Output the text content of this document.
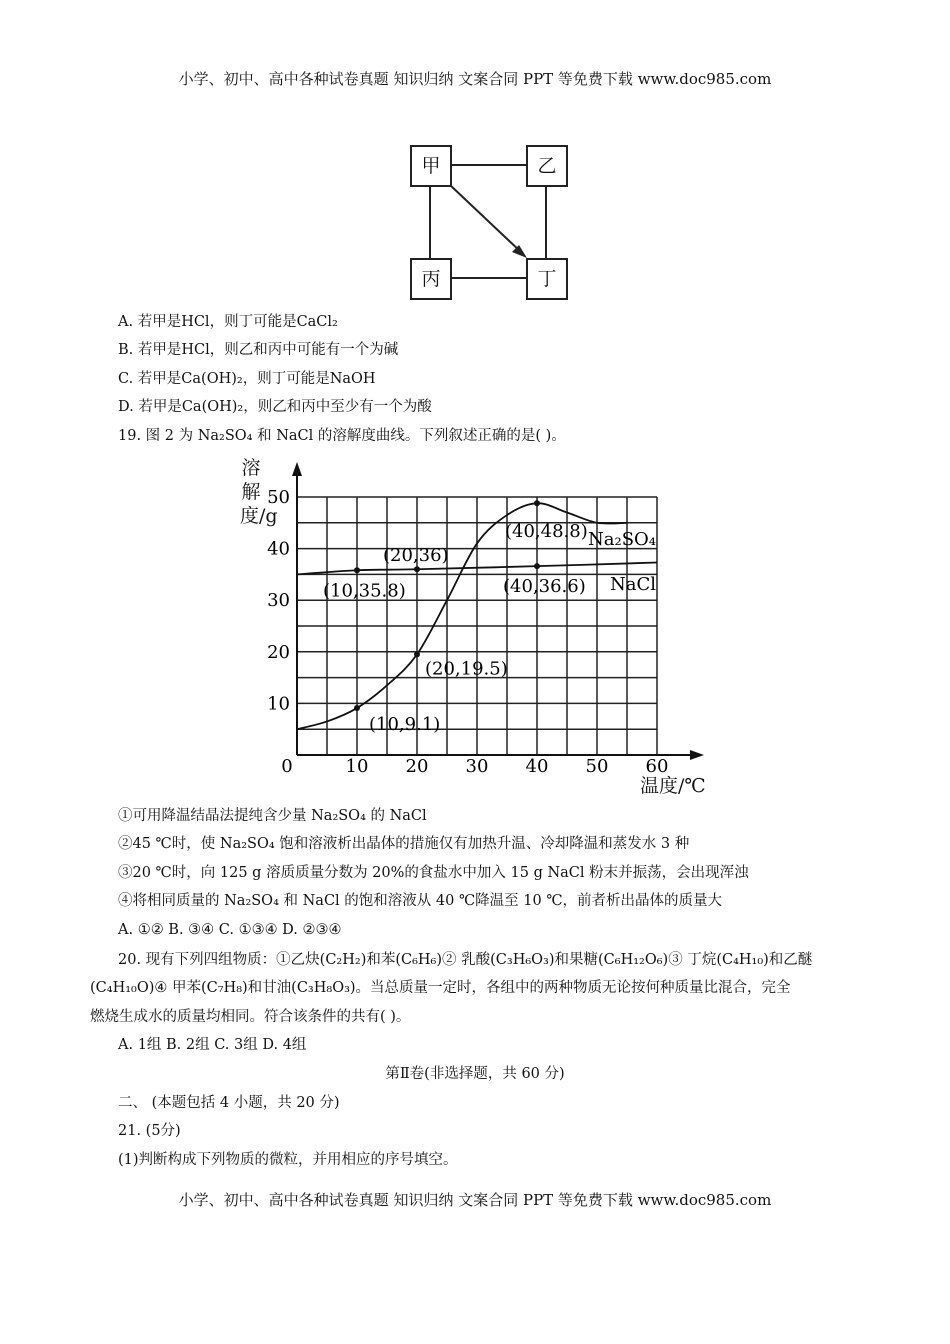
小学、初中、高中各种试卷真题 知识归纳 文案合同 PPT 等免费下载 www.doc985.com
甲	乙
丙	丁
A. 若甲是HCl，则丁可能是CaCl₂
B. 若甲是HCl，则乙和丙中可能有一个为碱
C. 若甲是Ca(OH)₂，则丁可能是NaOH
D. 若甲是Ca(OH)₂，则乙和丙中至少有一个为酸
19. 图 2 为 Na₂SO₄ 和 NaCl 的溶解度曲线。下列叙述正确的是( )。
0	10 20 30 40 50 60
10
20
30
40
50
Na₂SO₄
NaCl
(10,9.1)
(20,19.5)
(10,35.8)
(20,36)
(40,36.6)
(40,48.8)
溶解度/g
温度/℃
①可用降温结晶法提纯含少量 Na₂SO₄ 的 NaCl
②45 ℃时，使 Na₂SO₄ 饱和溶液析出晶体的措施仅有加热升温、冷却降温和蒸发水 3 种
③20 ℃时，向 125 g 溶质质量分数为 20%的食盐水中加入 15 g NaCl 粉末并振荡，会出现浑浊
④将相同质量的 Na₂SO₄ 和 NaCl 的饱和溶液从 40 ℃降温至 10 ℃，前者析出晶体的质量大
A. ①② B. ③④ C. ①③④ D. ②③④
20. 现有下列四组物质：①乙炔(C₂H₂)和苯(C₆H₆)② 乳酸(C₃H₆O₃)和果糖(C₆H₁₂O₆)③ 丁烷(C₄H₁₀)和乙醚
(C₄H₁₀O)④ 甲苯(C₇H₈)和甘油(C₃H₈O₃)。当总质量一定时，各组中的两种物质无论按何种质量比混合，完全
燃烧生成水的质量均相同。符合该条件的共有( )。
A. 1组 B. 2组 C. 3组 D. 4组
第Ⅱ卷(非选择题，共 60 分)
二、 (本题包括 4 小题，共 20 分)
21. (5分)
(1)判断构成下列物质的微粒，并用相应的序号填空。
小学、初中、高中各种试卷真题 知识归纳 文案合同 PPT 等免费下载 www.doc985.com
